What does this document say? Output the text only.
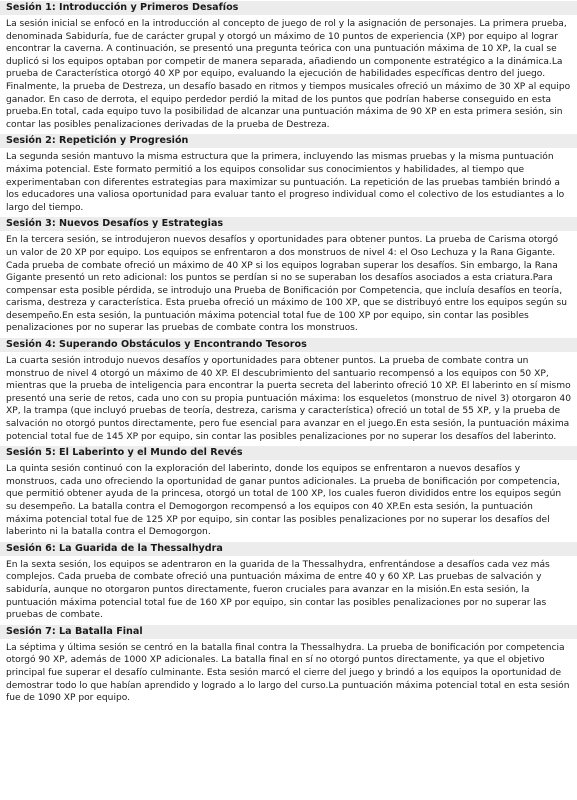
Sesión 1: Introducción y Primeros Desafíos
La sesión inicial se enfocó en la introducción al concepto de juego de rol y la asignación de personajes. La primera prueba, denominada Sabiduría, fue de carácter grupal y otorgó un máximo de 10 puntos de experiencia (XP) por equipo al lograr encontrar la caverna. A continuación, se presentó una pregunta teórica con una puntuación máxima de 10 XP, la cual se duplicó si los equipos optaban por competir de manera separada, añadiendo un componente estratégico a la dinámica.La prueba de Característica otorgó 40 XP por equipo, evaluando la ejecución de habilidades específicas dentro del juego. Finalmente, la prueba de Destreza, un desafío basado en ritmos y tiempos musicales ofreció un máximo de 30 XP al equipo ganador. En caso de derrota, el equipo perdedor perdió la mitad de los puntos que podrían haberse conseguido en esta prueba.En total, cada equipo tuvo la posibilidad de alcanzar una puntuación máxima de 90 XP en esta primera sesión, sin contar las posibles penalizaciones derivadas de la prueba de Destreza.
Sesión 2: Repetición y Progresión
La segunda sesión mantuvo la misma estructura que la primera, incluyendo las mismas pruebas y la misma puntuación máxima potencial. Este formato permitió a los equipos consolidar sus conocimientos y habilidades, al tiempo que experimentaban con diferentes estrategias para maximizar su puntuación. La repetición de las pruebas también brindó a los educadores una valiosa oportunidad para evaluar tanto el progreso individual como el colectivo de los estudiantes a lo largo del tiempo.
Sesión 3: Nuevos Desafíos y Estrategias
En la tercera sesión, se introdujeron nuevos desafíos y oportunidades para obtener puntos. La prueba de Carisma otorgó un valor de 20 XP por equipo. Los equipos se enfrentaron a dos monstruos de nivel 4: el Oso Lechuza y la Rana Gigante. Cada prueba de combate ofreció un máximo de 40 XP si los equipos lograban superar los desafíos. Sin embargo, la Rana Gigante presentó un reto adicional: los puntos se perdían si no se superaban los desafíos asociados a esta criatura.Para compensar esta posible pérdida, se introdujo una Prueba de Bonificación por Competencia, que incluía desafíos en teoría, carisma, destreza y característica. Esta prueba ofreció un máximo de 100 XP, que se distribuyó entre los equipos según su desempeño.En esta sesión, la puntuación máxima potencial total fue de 100 XP por equipo, sin contar las posibles penalizaciones por no superar las pruebas de combate contra los monstruos.
Sesión 4: Superando Obstáculos y Encontrando Tesoros
La cuarta sesión introdujo nuevos desafíos y oportunidades para obtener puntos. La prueba de combate contra un monstruo de nivel 4 otorgó un máximo de 40 XP. El descubrimiento del santuario recompensó a los equipos con 50 XP, mientras que la prueba de inteligencia para encontrar la puerta secreta del laberinto ofreció 10 XP. El laberinto en sí mismo presentó una serie de retos, cada uno con su propia puntuación máxima: los esqueletos (monstruo de nivel 3) otorgaron 40 XP, la trampa (que incluyó pruebas de teoría, destreza, carisma y característica) ofreció un total de 55 XP, y la prueba de salvación no otorgó puntos directamente, pero fue esencial para avanzar en el juego.En esta sesión, la puntuación máxima potencial total fue de 145 XP por equipo, sin contar las posibles penalizaciones por no superar los desafíos del laberinto.
Sesión 5: El Laberinto y el Mundo del Revés
La quinta sesión continuó con la exploración del laberinto, donde los equipos se enfrentaron a nuevos desafíos y monstruos, cada uno ofreciendo la oportunidad de ganar puntos adicionales. La prueba de bonificación por competencia, que permitió obtener ayuda de la princesa, otorgó un total de 100 XP, los cuales fueron divididos entre los equipos según su desempeño. La batalla contra el Demogorgon recompensó a los equipos con 40 XP.En esta sesión, la puntuación máxima potencial total fue de 125 XP por equipo, sin contar las posibles penalizaciones por no superar los desafíos del laberinto ni la batalla contra el Demogorgon.
Sesión 6: La Guarida de la Thessalhydra
En la sexta sesión, los equipos se adentraron en la guarida de la Thessalhydra, enfrentándose a desafíos cada vez más complejos. Cada prueba de combate ofreció una puntuación máxima de entre 40 y 60 XP. Las pruebas de salvación y sabiduría, aunque no otorgaron puntos directamente, fueron cruciales para avanzar en la misión.En esta sesión, la puntuación máxima potencial total fue de 160 XP por equipo, sin contar las posibles penalizaciones por no superar las pruebas de combate.
Sesión 7: La Batalla Final
La séptima y última sesión se centró en la batalla final contra la Thessalhydra. La prueba de bonificación por competencia otorgó 90 XP, además de 1000 XP adicionales. La batalla final en sí no otorgó puntos directamente, ya que el objetivo principal fue superar el desafío culminante. Esta sesión marcó el cierre del juego y brindó a los equipos la oportunidad de demostrar todo lo que habían aprendido y logrado a lo largo del curso.La puntuación máxima potencial total en esta sesión fue de 1090 XP por equipo.
